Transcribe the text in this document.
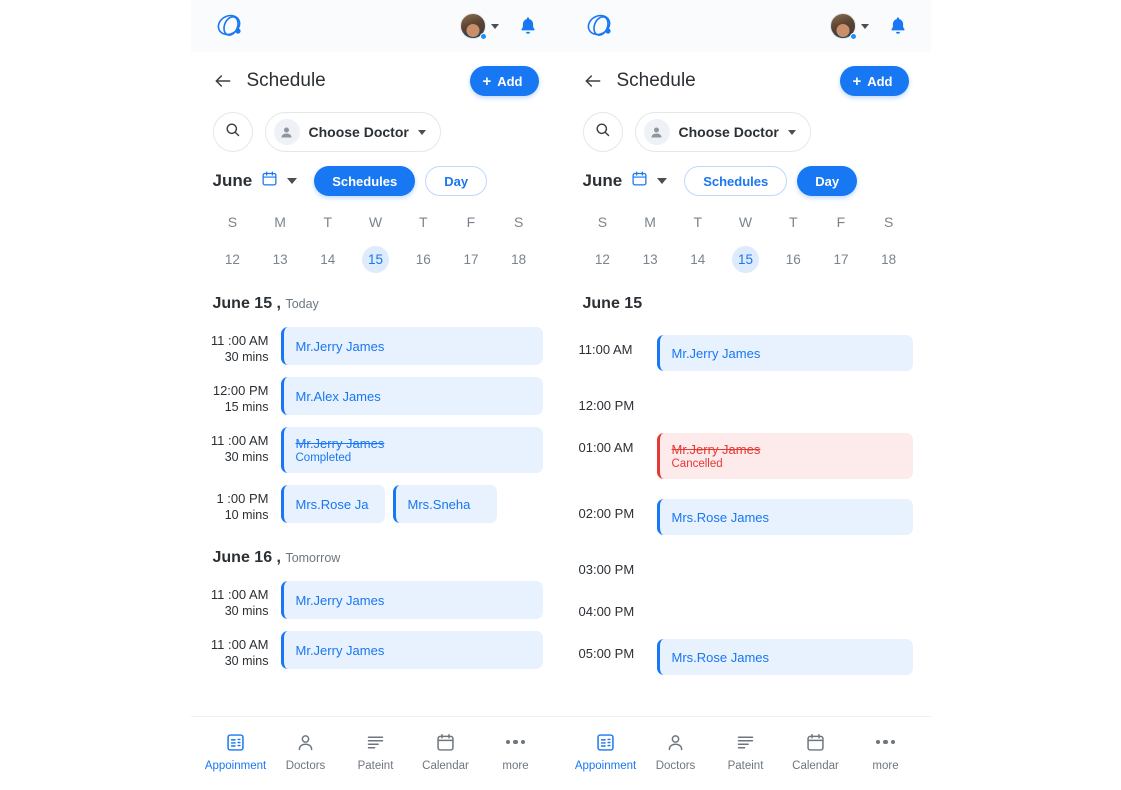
Schedule	+ Add
Choose Doctor
June	Schedules	Day
S	M	T	W	T	F	S
12	13	14	15	16	17	18
June 15 , Today
11 :00 AM
30 mins
Mr.Jerry James
12:00 PM
15 mins
Mr.Alex James
11 :00 AM
30 mins
Mr.Jerry James
Completed
1 :00 PM
10 mins
Mrs.Rose Ja	Mrs.Sneha
June 16 , Tomorrow
11 :00 AM
30 mins
Mr.Jerry James
11 :00 AM
30 mins
Mr.Jerry James
Appoinment Doctors	Pateint	Calendar	more
Schedule	+ Add
Choose Doctor
June	Schedules	Day
S	M	T	W	T	F	S
12	13	14	15	16	17	18
June 15
11:00 AM	Mr.Jerry James
12:00 PM
01:00 AM	Mr.Jerry James
Cancelled
02:00 PM	Mrs.Rose James
03:00 PM
04:00 PM
05:00 PM	Mrs.Rose James
Appoinment Doctors	Pateint	Calendar	more
